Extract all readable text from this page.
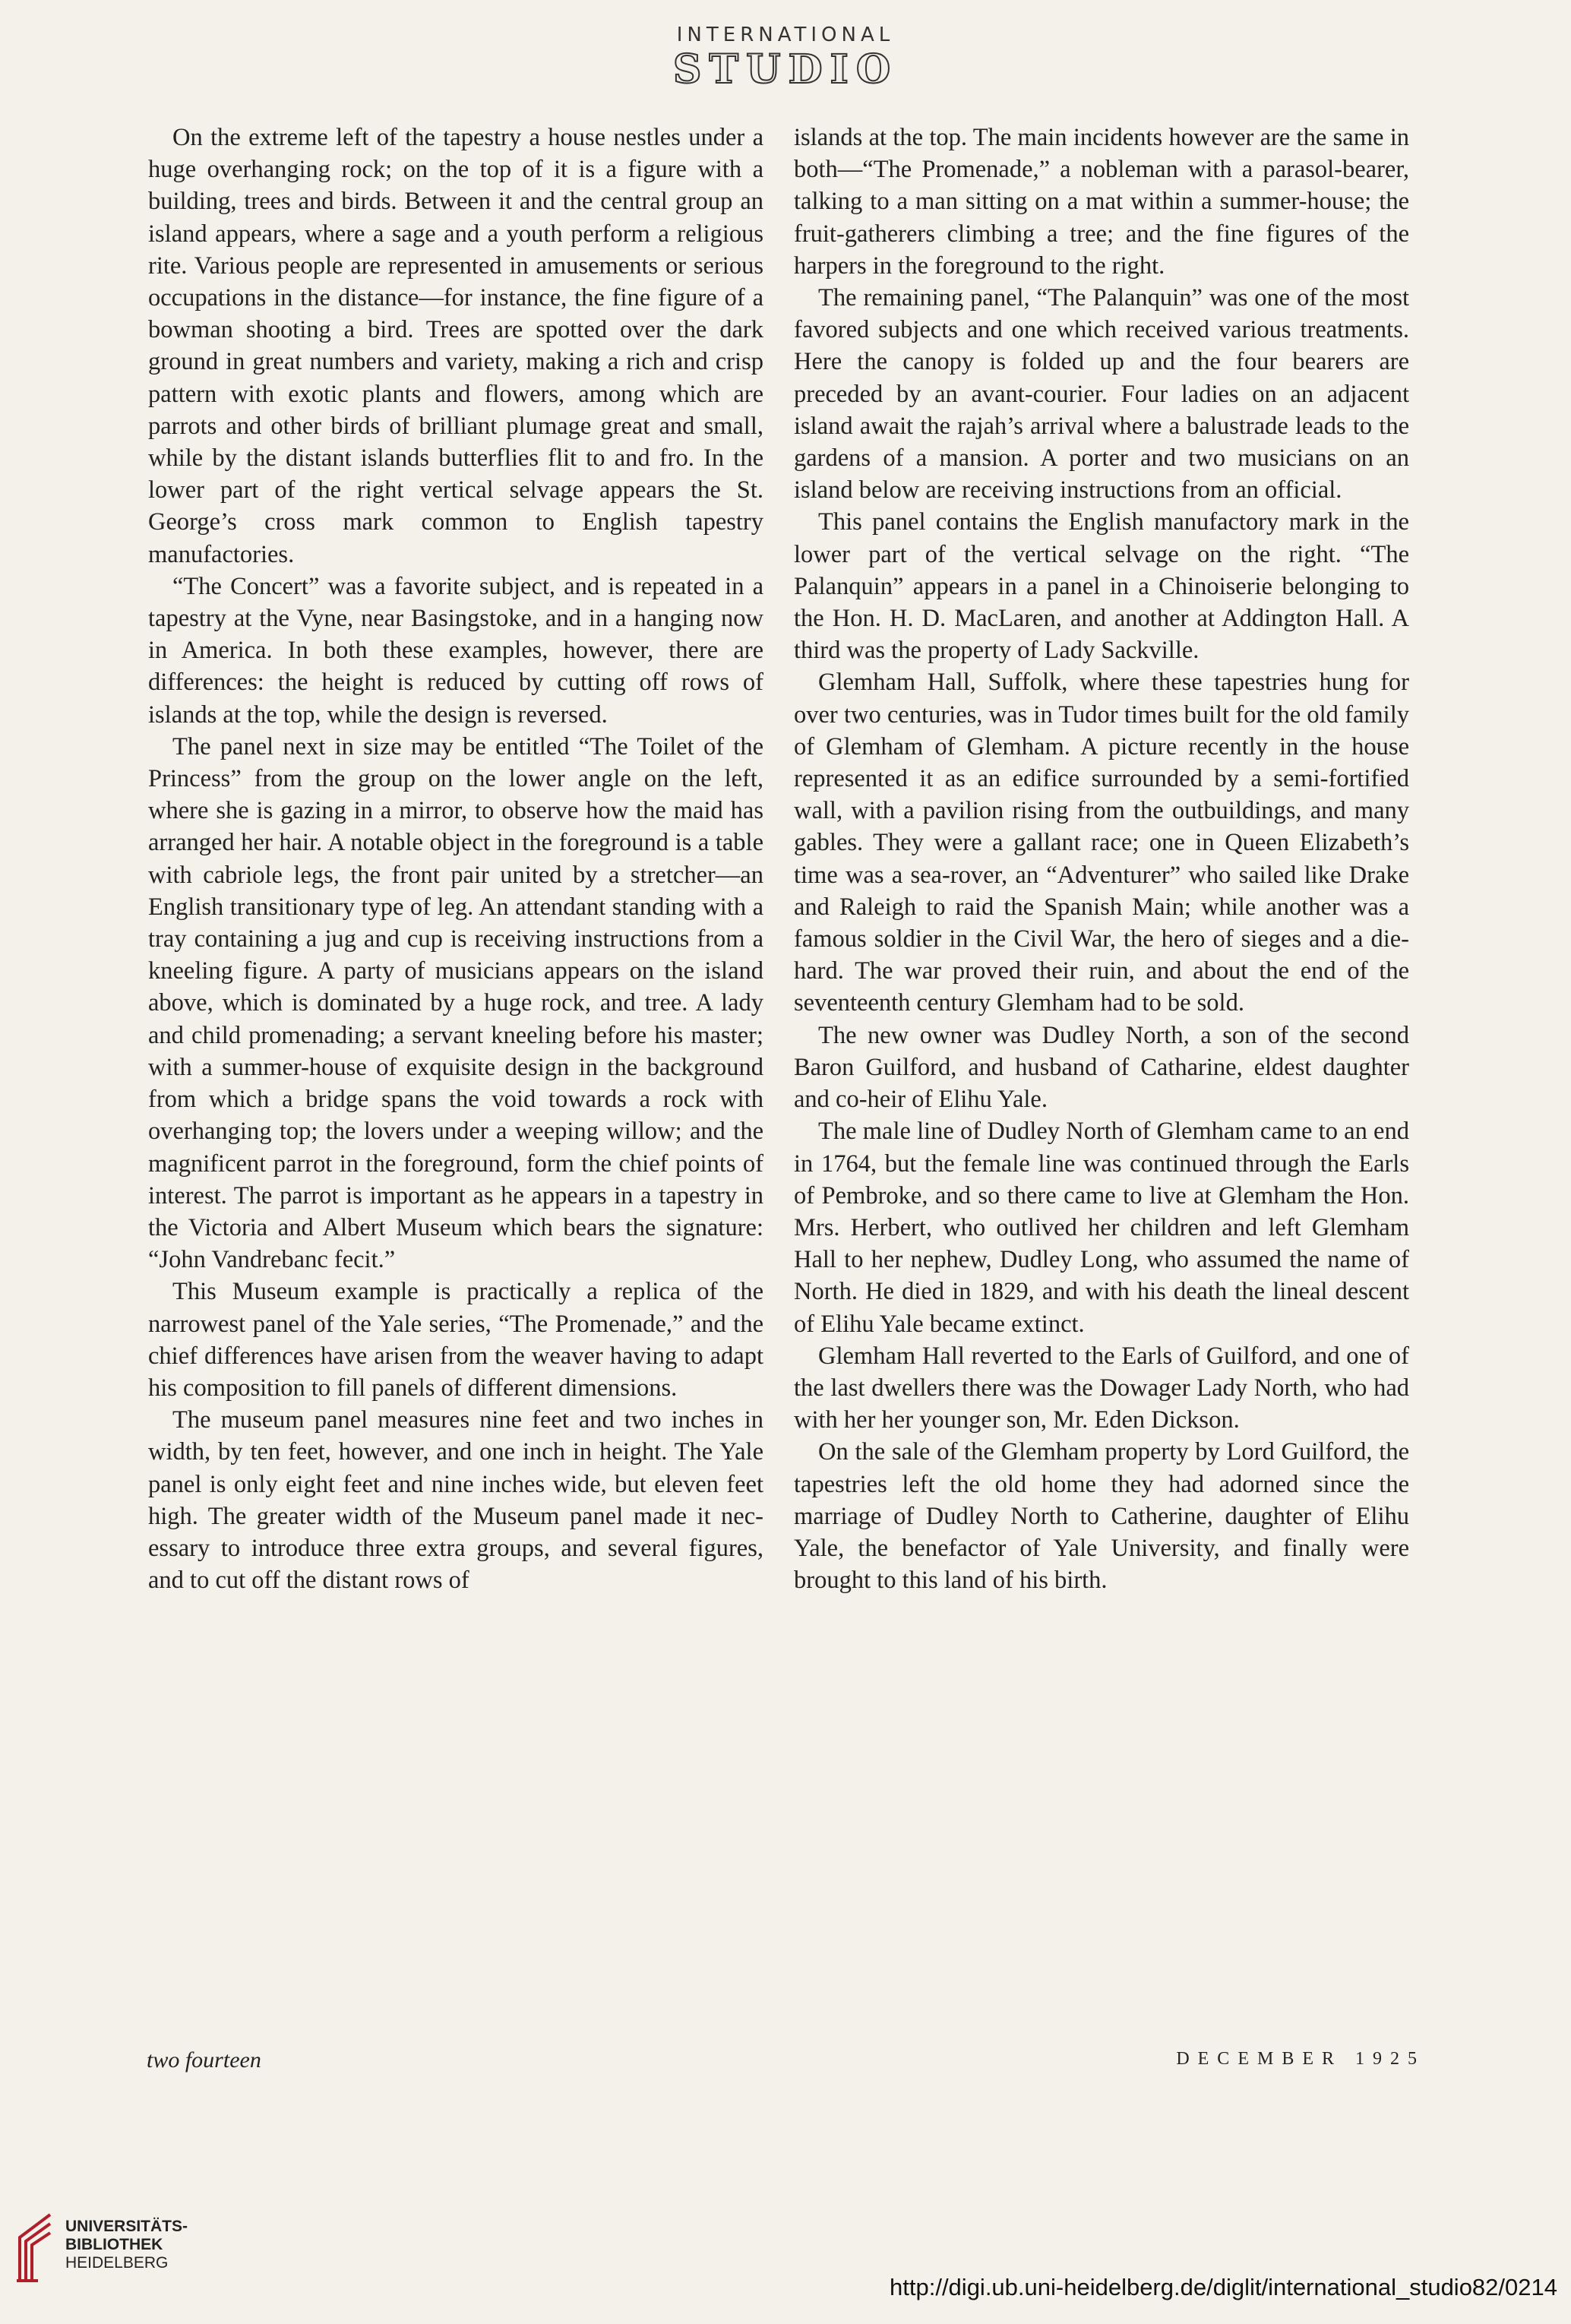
INTERNATIONAL
STUDIO

On the extreme left of the tapestry a house nestles under a huge overhanging rock; on the top of it is a figure with a building, trees and birds. Between it and the central group an island appears, where a sage and a youth perform a religious rite. Various people are represented in amusements or serious occupations in the distance—for instance, the fine figure of a bowman shooting a bird. Trees are spotted over the dark ground in great numbers and variety, making a rich and crisp pattern with exotic plants and flowers, among which are parrots and other birds of brilliant plumage great and small, while by the distant islands butterflies flit to and fro. In the lower part of the right vertical selvage appears the St. George’s cross mark common to English tapestry manufactories.

“The Concert” was a favorite subject, and is repeated in a tapestry at the Vyne, near Basingstoke, and in a hanging now in America. In both these examples, however, there are differences: the height is reduced by cutting off rows of islands at the top, while the design is reversed.

The panel next in size may be entitled “The Toilet of the Princess” from the group on the lower angle on the left, where she is gazing in a mirror, to observe how the maid has arranged her hair. A notable object in the foreground is a table with cabriole legs, the front pair united by a stretcher—an English transitionary type of leg. An attendant standing with a tray containing a jug and cup is receiving instructions from a kneeling figure. A party of musicians appears on the island above, which is dominated by a huge rock, and tree. A lady and child promenading; a servant kneeling before his master; with a summer-house of exquisite design in the background from which a bridge spans the void towards a rock with overhanging top; the lovers under a weeping willow; and the magnificent parrot in the foreground, form the chief points of interest. The parrot is important as he appears in a tapestry in the Victoria and Albert Museum which bears the signature: “John Vandrebanc fecit.”

This Museum example is practically a replica of the narrowest panel of the Yale series, “The Promenade,” and the chief differences have arisen from the weaver having to adapt his composition to fill panels of different dimensions.

The museum panel measures nine feet and two inches in width, by ten feet, however, and one inch in height. The Yale panel is only eight feet and nine inches wide, but eleven feet high. The greater width of the Museum panel made it necessary to introduce three extra groups, and several figures, and to cut off the distant rows of

islands at the top. The main incidents however are the same in both—“The Promenade,” a nobleman with a parasol-bearer, talking to a man sitting on a mat within a summer-house; the fruit-gatherers climbing a tree; and the fine figures of the harpers in the foreground to the right.

The remaining panel, “The Palanquin” was one of the most favored subjects and one which received various treatments. Here the canopy is folded up and the four bearers are preceded by an avant-courier. Four ladies on an adjacent island await the rajah’s arrival where a balustrade leads to the gardens of a mansion. A porter and two musicians on an island below are receiving instructions from an official.

This panel contains the English manufactory mark in the lower part of the vertical selvage on the right. “The Palanquin” appears in a panel in a Chinoiserie belonging to the Hon. H. D. MacLaren, and another at Addington Hall. A third was the property of Lady Sackville.

Glemham Hall, Suffolk, where these tapestries hung for over two centuries, was in Tudor times built for the old family of Glemham of Glemham. A picture recently in the house represented it as an edifice surrounded by a semi-fortified wall, with a pavilion rising from the outbuildings, and many gables. They were a gallant race; one in Queen Elizabeth’s time was a sea-rover, an “Adventurer” who sailed like Drake and Raleigh to raid the Spanish Main; while another was a famous soldier in the Civil War, the hero of sieges and a die-hard. The war proved their ruin, and about the end of the seventeenth century Glemham had to be sold.

The new owner was Dudley North, a son of the second Baron Guilford, and husband of Catharine, eldest daughter and co-heir of Elihu Yale.

The male line of Dudley North of Glemham came to an end in 1764, but the female line was continued through the Earls of Pembroke, and so there came to live at Glemham the Hon. Mrs. Herbert, who outlived her children and left Glemham Hall to her nephew, Dudley Long, who assumed the name of North. He died in 1829, and with his death the lineal descent of Elihu Yale became extinct.

Glemham Hall reverted to the Earls of Guilford, and one of the last dwellers there was the Dowager Lady North, who had with her her younger son, Mr. Eden Dickson.

On the sale of the Glemham property by Lord Guilford, the tapestries left the old home they had adorned since the marriage of Dudley North to Catherine, daughter of Elihu Yale, the benefactor of Yale University, and finally were brought to this land of his birth.

two fourteen	DECEMBER 1925
UNIVERSITÄTS-
BIBLIOTHEK
HEIDELBERG
http://digi.ub.uni-heidelberg.de/diglit/international_studio82/0214
